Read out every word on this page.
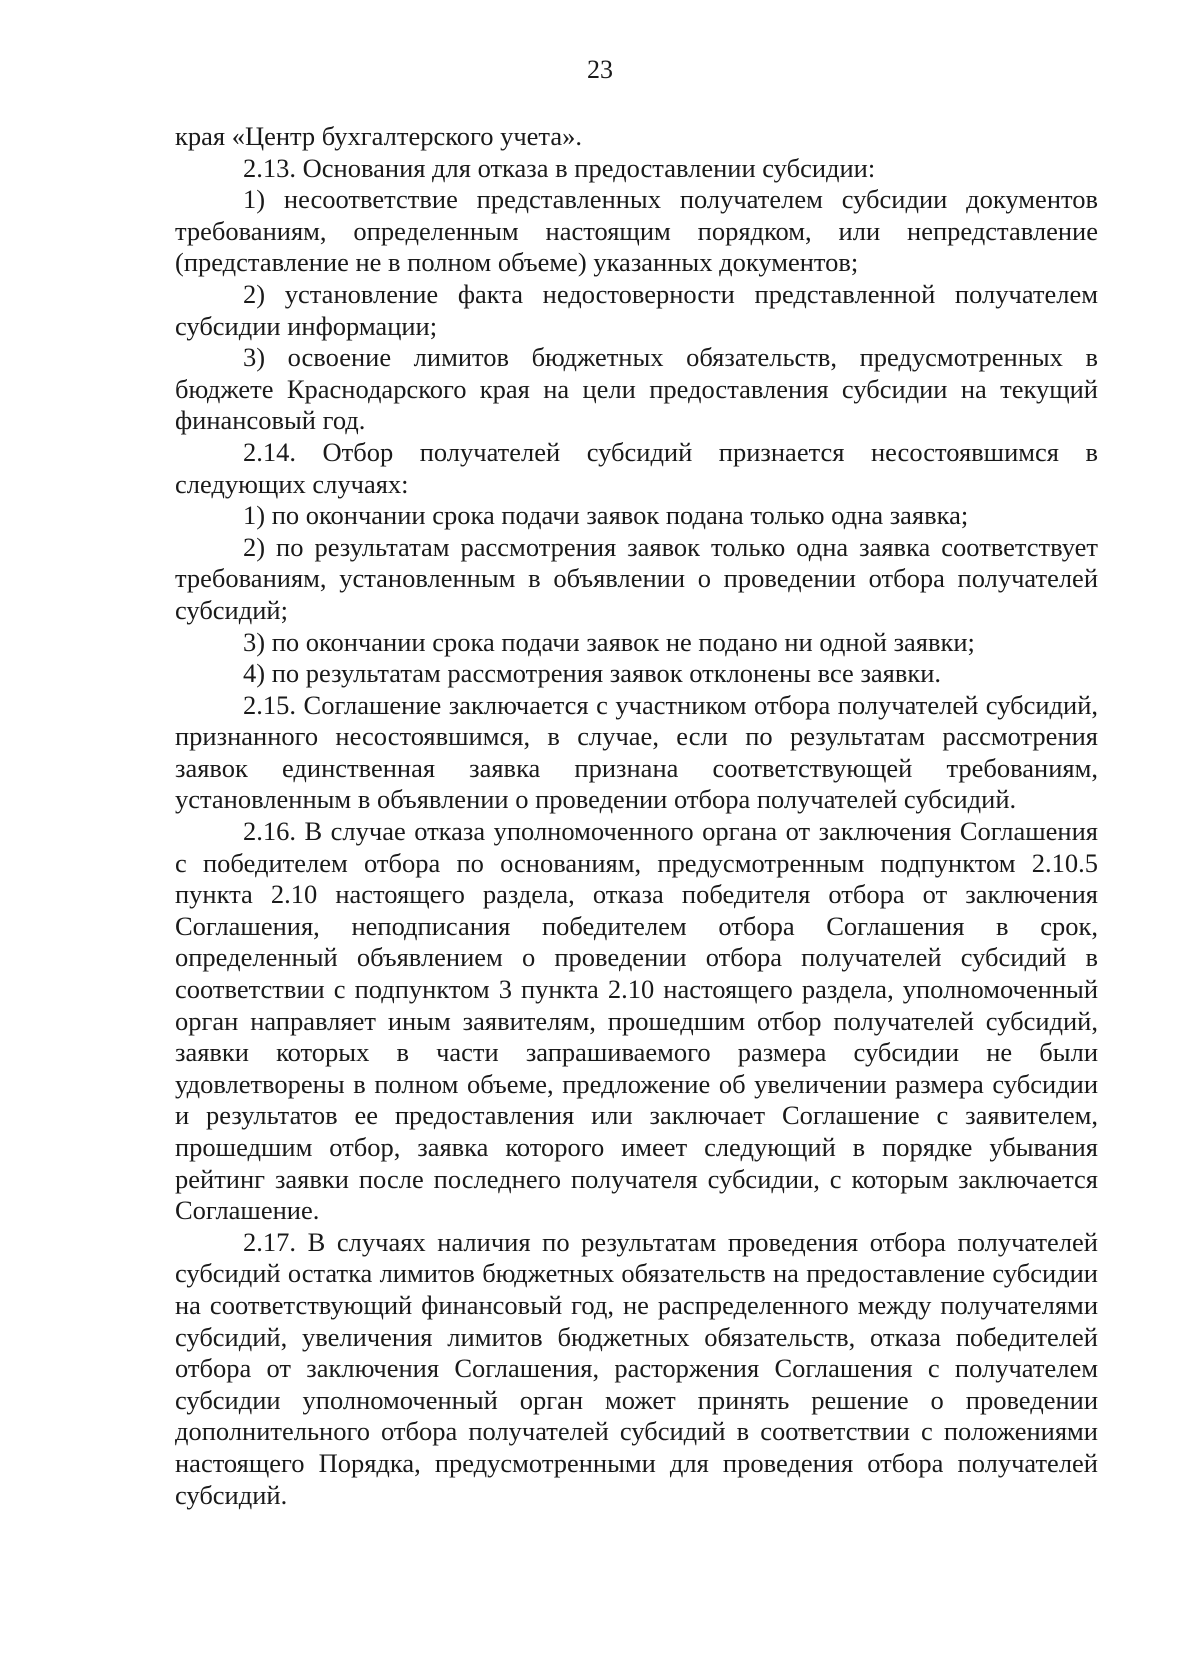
23

края «Центр бухгалтерского учета».

2.13. Основания для отказа в предоставлении субсидии:

1) несоответствие представленных получателем субсидии документов требованиям, определенным настоящим порядком, или непредставление (представление не в полном объеме) указанных документов;

2) установление факта недостоверности представленной получателем субсидии информации;

3) освоение лимитов бюджетных обязательств, предусмотренных в бюджете Краснодарского края на цели предоставления субсидии на текущий финансовый год.

2.14. Отбор получателей субсидий признается несостоявшимся в следующих случаях:

1) по окончании срока подачи заявок подана только одна заявка;

2) по результатам рассмотрения заявок только одна заявка соответствует требованиям, установленным в объявлении о проведении отбора получателей субсидий;

3) по окончании срока подачи заявок не подано ни одной заявки;

4) по результатам рассмотрения заявок отклонены все заявки.

2.15. Соглашение заключается с участником отбора получателей субсидий, признанного несостоявшимся, в случае, если по результатам рассмотрения заявок единственная заявка признана соответствующей требованиям, установленным в объявлении о проведении отбора получателей субсидий.

2.16. В случае отказа уполномоченного органа от заключения Соглашения с победителем отбора по основаниям, предусмотренным подпунктом 2.10.5 пункта 2.10 настоящего раздела, отказа победителя отбора от заключения Соглашения, неподписания победителем отбора Соглашения в срок, определенный объявлением о проведении отбора получателей субсидий в соответствии с подпунктом 3 пункта 2.10 настоящего раздела, уполномоченный орган направляет иным заявителям, прошедшим отбор получателей субсидий, заявки которых в части запрашиваемого размера субсидии не были удовлетворены в полном объеме, предложение об увеличении размера субсидии и результатов ее предоставления или заключает Соглашение с заявителем, прошедшим отбор, заявка которого имеет следующий в порядке убывания рейтинг заявки после последнего получателя субсидии, с которым заключается Соглашение.

2.17. В случаях наличия по результатам проведения отбора получателей субсидий остатка лимитов бюджетных обязательств на предоставление субсидии на соответствующий финансовый год, не распределенного между получателями субсидий, увеличения лимитов бюджетных обязательств, отказа победителей отбора от заключения Соглашения, расторжения Соглашения с получателем субсидии уполномоченный орган может принять решение о проведении дополнительного отбора получателей субсидий в соответствии с положениями настоящего Порядка, предусмотренными для проведения отбора получателей субсидий.
